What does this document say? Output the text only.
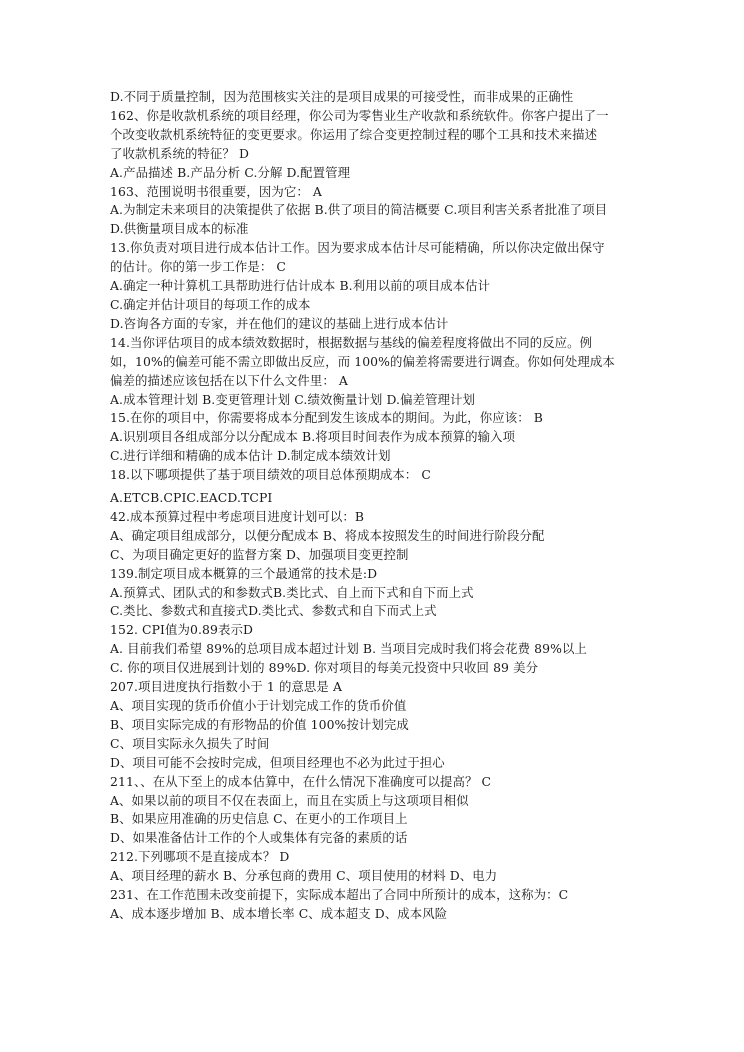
D.不同于质量控制，因为范围核实关注的是项目成果的可接受性，而非成果的正确性
162、你是收款机系统的项目经理，你公司为零售业生产收款和系统软件。你客户提出了一
个改变收款机系统特征的变更要求。你运用了综合变更控制过程的哪个工具和技术来描述
了收款机系统的特征？ D
A.产品描述 B.产品分析 C.分解 D.配置管理
163、范围说明书很重要，因为它： A
A.为制定未来项目的决策提供了依据 B.供了项目的简洁概要 C.项目利害关系者批准了项目
D.供衡量项目成本的标准
13.你负责对项目进行成本估计工作。因为要求成本估计尽可能精确，所以你决定做出保守
的估计。你的第一步工作是： C
A.确定一种计算机工具帮助进行估计成本 B.利用以前的项目成本估计
C.确定并估计项目的每项工作的成本
D.咨询各方面的专家，并在他们的建议的基础上进行成本估计
14.当你评估项目的成本绩效数据时，根据数据与基线的偏差程度将做出不同的反应。例
如，10%的偏差可能不需立即做出反应，而 100%的偏差将需要进行调查。你如何处理成本
偏差的描述应该包括在以下什么文件里： A
A.成本管理计划 B.变更管理计划 C.绩效衡量计划 D.偏差管理计划
15.在你的项目中，你需要将成本分配到发生该成本的期间。为此，你应该： B
A.识别项目各组成部分以分配成本 B.将项目时间表作为成本预算的输入项
C.进行详细和精确的成本估计 D.制定成本绩效计划
18.以下哪项提供了基于项目绩效的项目总体预期成本： C
A.ETCB.CPIC.EACD.TCPI
42.成本预算过程中考虑项目进度计划可以：B
A、确定项目组成部分，以便分配成本 B、将成本按照发生的时间进行阶段分配
C、为项目确定更好的监督方案 D、加强项目变更控制
139.制定项目成本概算的三个最通常的技术是:D
A.预算式、团队式的和参数式B.类比式、自上而下式和自下而上式
C.类比、参数式和直接式D.类比式、参数式和自下而式上式
152. CPI值为0.89表示D
A. 目前我们希望 89%的总项目成本超过计划 B. 当项目完成时我们将会花费 89%以上
C. 你的项目仅进展到计划的 89%D. 你对项目的每美元投资中只收回 89 美分
207.项目进度执行指数小于 1 的意思是 A
A、项目实现的货币价值小于计划完成工作的货币价值
B、项目实际完成的有形物品的价值 100%按计划完成
C、项目实际永久损失了时间
D、项目可能不会按时完成，但项目经理也不必为此过于担心
211、、在从下至上的成本估算中，在什么情况下准确度可以提高？ C
A、如果以前的项目不仅在表面上，而且在实质上与这项项目相似
B、如果应用准确的历史信息 C、在更小的工作项目上
D、如果准备估计工作的个人或集体有完备的素质的话
212.下列哪项不是直接成本？ D
A、项目经理的薪水 B、分承包商的费用 C、项目使用的材料 D、电力
231、在工作范围未改变前提下，实际成本超出了合同中所预计的成本，这称为：C
A、成本逐步增加 B、成本增长率 C、成本超支 D、成本风险
